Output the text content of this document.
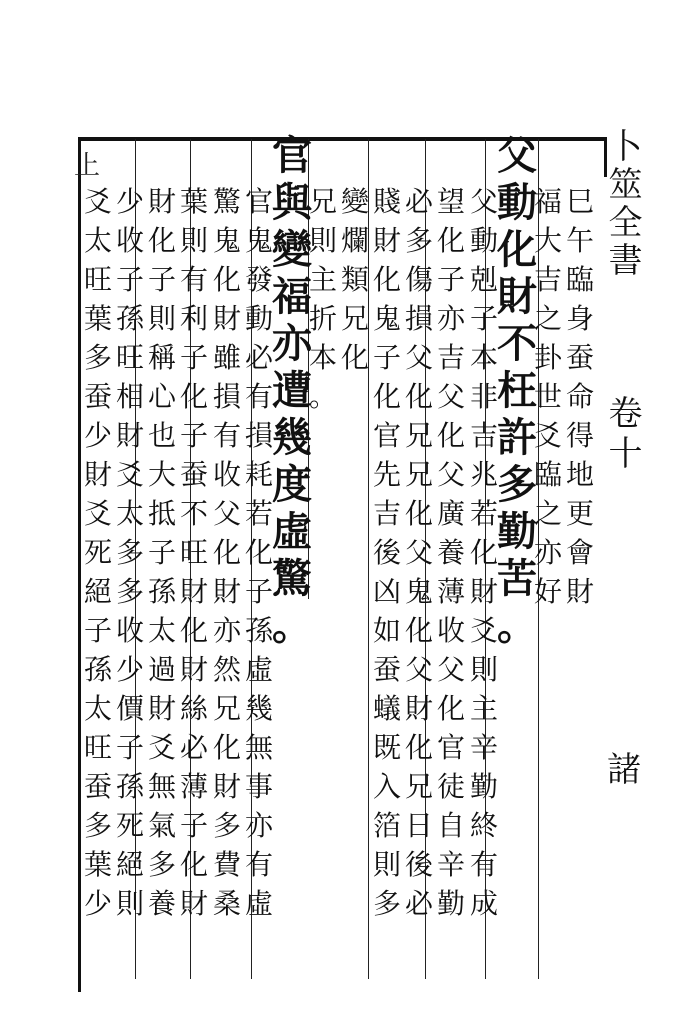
上	卜筮全書
卷十
諸
巳
午
臨
身
蚕
命
得
地
更
會
財
福
大
吉
之
卦
世
爻
臨
之
亦
好
父
動
化
財
不
枉
許
多
勤
苦
。
父
動
剋
子
本
非
吉
兆
若
化
財
爻
則
主
辛
勤
終
有
成
望
化
子
亦
吉
父
化
父
廣
養
薄
收
父
化
官
徒
自
辛
勤
必
多
傷
損
父
化
兄
兄
化
父
鬼
化
父
財
化
兄
日
後
必
賤
財
化
鬼
子
化
官
先
吉
後
凶
如
蚕
蟻
既
入
箔
則
多
變
爛
類
兄
化
兄
則
主
折
本
。
官
與
變
福
亦
遭
幾
度
虛
驚
。
官
鬼
發
動
必
有
損
耗
若
化
子
孫
虛
幾
無
事
亦
有
虛
驚
鬼
化
財
雖
損
有
收
父
化
財
亦
然
兄
化
財
多
費
桑
葉
則
有
利
子
化
子
蚕
不
旺
財
化
財
絲
必
薄
子
化
財
財
化
子
則
稱
心
也
大
抵
子
孫
太
過
財
爻
無
氣
多
養
少
收
子
孫
旺
相
財
爻
太
多
多
收
少
價
子
孫
死
絕
則
爻
太
旺
葉
多
蚕
少
財
爻
死
絕
子
孫
太
旺
蚕
多
葉
少
